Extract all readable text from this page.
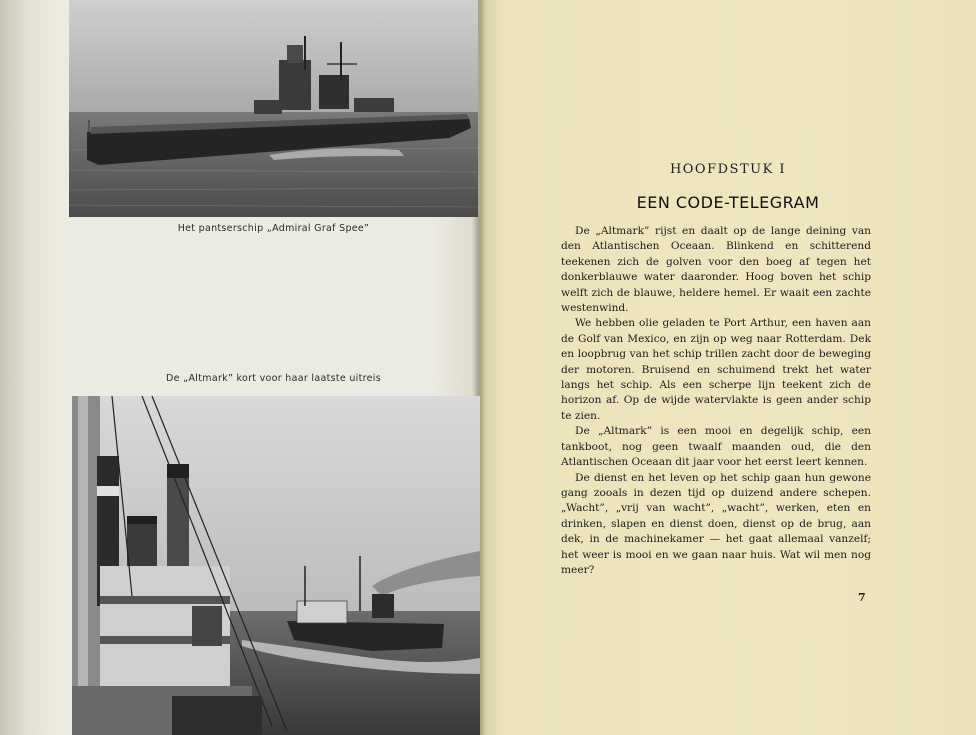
Het pantserschip „Admiral Graf Spee”
De „Altmark” kort voor haar laatste uitreis
HOOFDSTUK I
EEN CODE-TELEGRAM

De „Altmark” rijst en daalt op de lange deining van den Atlantischen Oceaan. Blinkend en schitterend teekenen zich de golven voor den boeg af tegen het donkerblauwe water daaronder. Hoog boven het schip welft zich de blauwe, heldere hemel. Er waait een zachte westenwind.

We hebben olie geladen te Port Arthur, een haven aan de Golf van Mexico, en zijn op weg naar Rotterdam. Dek en loopbrug van het schip trillen zacht door de beweging der motoren. Bruisend en schuimend trekt het water langs het schip. Als een scherpe lijn teekent zich de horizon af. Op de wijde watervlakte is geen ander schip te zien.

De „Altmark” is een mooi en degelijk schip, een tankboot, nog geen twaalf maanden oud, die den Atlantischen Oceaan dit jaar voor het eerst leert kennen.

De dienst en het leven op het schip gaan hun gewone gang zooals in dezen tijd op duizend andere schepen. „Wacht”, „vrij van wacht”, „wacht”, werken, eten en drinken, slapen en dienst doen, dienst op de brug, aan dek, in de machinekamer — het gaat allemaal vanzelf; het weer is mooi en we gaan naar huis. Wat wil men nog meer?

7
